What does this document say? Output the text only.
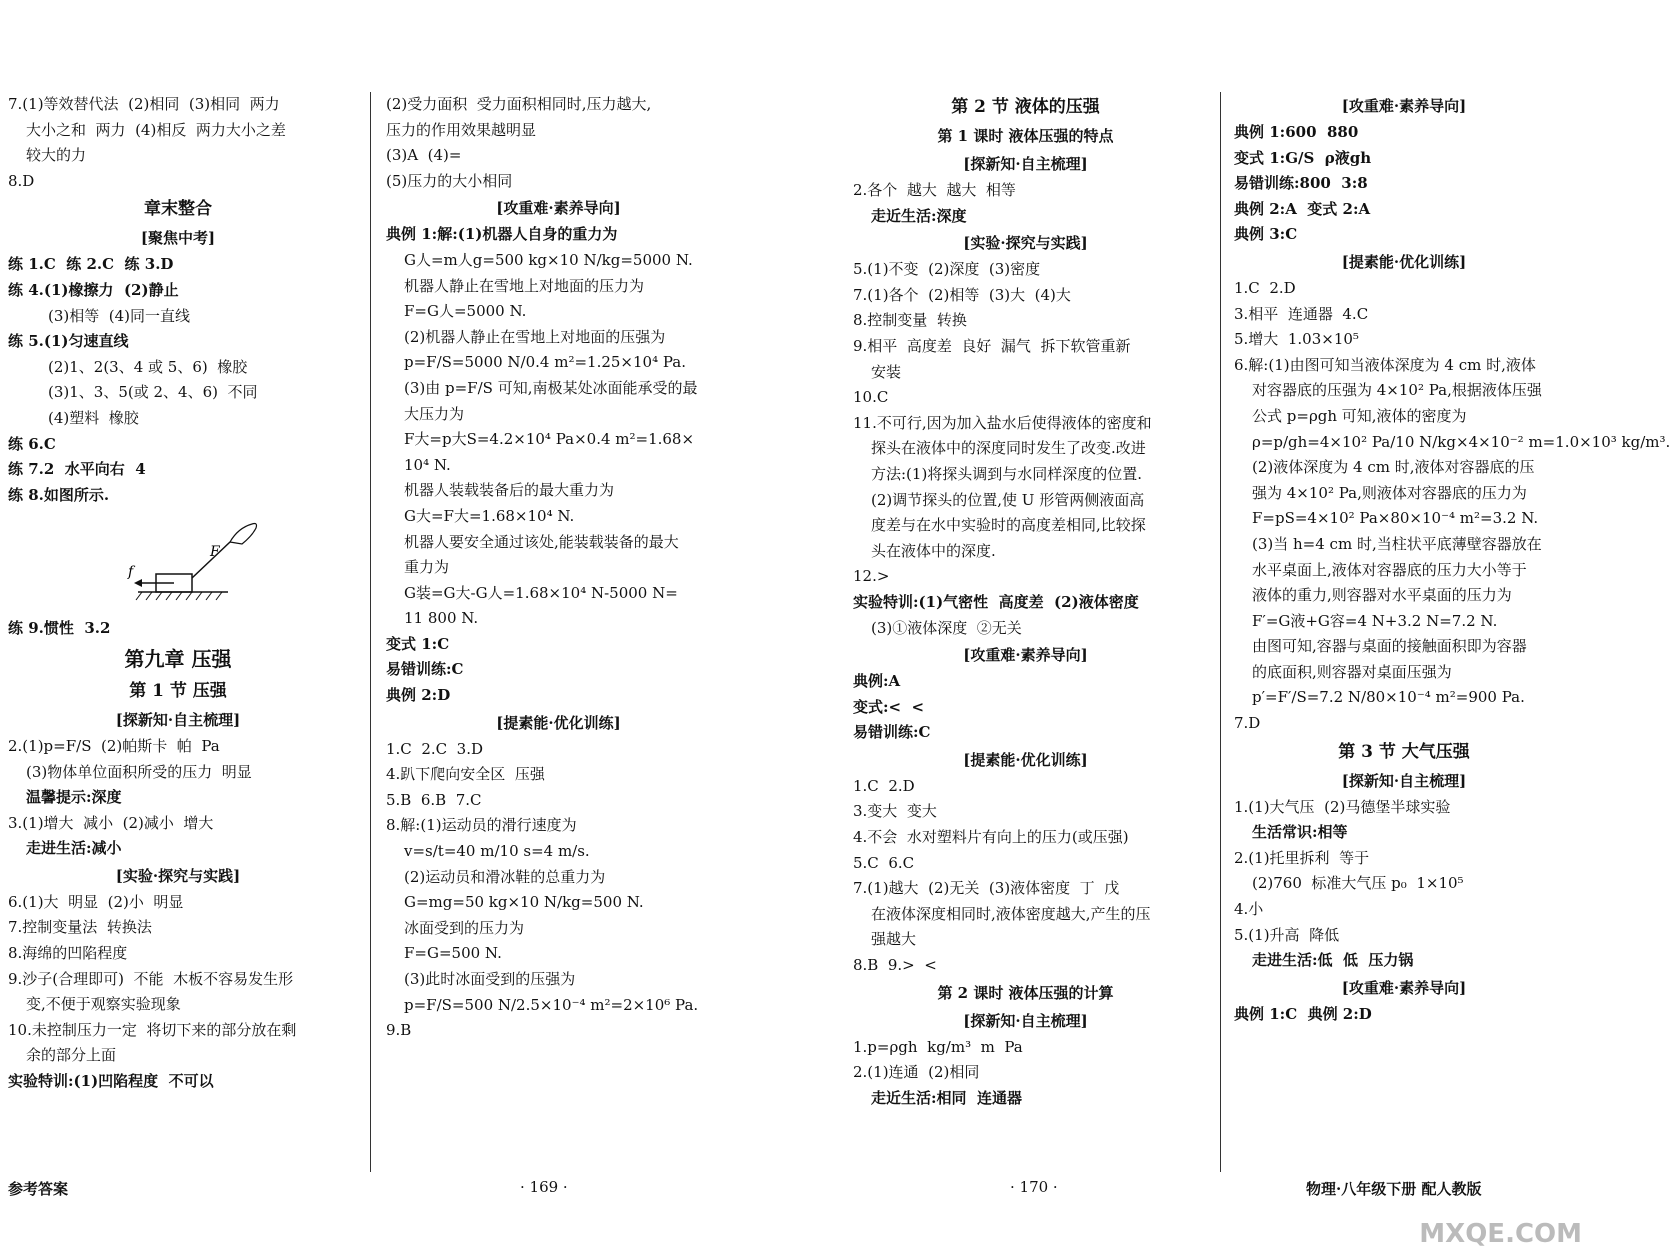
7.(1)等效替代法  (2)相同  (3)相同  两力
大小之和  两力  (4)相反  两力大小之差
较大的力
8.D
章末整合
[聚焦中考]
练 1.C  练 2.C  练 3.D
练 4.(1)橡擦力  (2)静止
(3)相等  (4)同一直线
练 5.(1)匀速直线
(2)1、2(3、4 或 5、6)  橡胶
(3)1、3、5(或 2、4、6)  不同
(4)塑料  橡胶
练 6.C
练 7.2  水平向右  4
练 8.如图所示.
f
F
练 9.惯性  3.2
第九章 压强
第 1 节 压强
[探新知·自主梳理]
2.(1)p=F/S  (2)帕斯卡  帕  Pa
(3)物体单位面积所受的压力  明显
温馨提示:深度
3.(1)增大  减小  (2)减小  增大
走进生活:减小
[实验·探究与实践]
6.(1)大  明显  (2)小  明显
7.控制变量法  转换法
8.海绵的凹陷程度
9.沙子(合理即可)  不能  木板不容易发生形
变,不便于观察实验现象
10.未控制压力一定  将切下来的部分放在剩
余的部分上面
实验特训:(1)凹陷程度  不可以
(2)受力面积  受力面积相同时,压力越大,
压力的作用效果越明显
(3)A  (4)=
(5)压力的大小相同
[攻重难·素养导向]
典例 1:解:(1)机器人自身的重力为
G人=m人g=500 kg×10 N/kg=5000 N.
机器人静止在雪地上对地面的压力为
F=G人=5000 N.
(2)机器人静止在雪地上对地面的压强为
p=F/S=5000 N/0.4 m²=1.25×10⁴ Pa.
(3)由 p=F/S 可知,南极某处冰面能承受的最
大压力为
F大=p大S=4.2×10⁴ Pa×0.4 m²=1.68×
10⁴ N.
机器人装载装备后的最大重力为
G大=F大=1.68×10⁴ N.
机器人要安全通过该处,能装载装备的最大
重力为
G装=G大-G人=1.68×10⁴ N-5000 N=
11 800 N.
变式 1:C
易错训练:C
典例 2:D
[提素能·优化训练]
1.C  2.C  3.D
4.趴下爬向安全区  压强
5.B  6.B  7.C
8.解:(1)运动员的滑行速度为
v=s/t=40 m/10 s=4 m/s.
(2)运动员和滑冰鞋的总重力为
G=mg=50 kg×10 N/kg=500 N.
冰面受到的压力为
F=G=500 N.
(3)此时冰面受到的压强为
p=F/S=500 N/2.5×10⁻⁴ m²=2×10⁶ Pa.
9.B
第 2 节 液体的压强
第 1 课时 液体压强的特点
[探新知·自主梳理]
2.各个  越大  越大  相等
走近生活:深度
[实验·探究与实践]
5.(1)不变  (2)深度  (3)密度
7.(1)各个  (2)相等  (3)大  (4)大
8.控制变量  转换
9.相平  高度差  良好  漏气  拆下软管重新
安装
10.C
11.不可行,因为加入盐水后使得液体的密度和
探头在液体中的深度同时发生了改变.改进
方法:(1)将探头调到与水同样深度的位置.
(2)调节探头的位置,使 U 形管两侧液面高
度差与在水中实验时的高度差相同,比较探
头在液体中的深度.
12.>
实验特训:(1)气密性  高度差  (2)液体密度
(3)①液体深度  ②无关
[攻重难·素养导向]
典例:A
变式:<  <
易错训练:C
[提素能·优化训练]
1.C  2.D
3.变大  变大
4.不会  水对塑料片有向上的压力(或压强)
5.C  6.C
7.(1)越大  (2)无关  (3)液体密度  丁  戊
在液体深度相同时,液体密度越大,产生的压
强越大
8.B  9.>  <
第 2 课时 液体压强的计算
[探新知·自主梳理]
1.p=ρgh  kg/m³  m  Pa
2.(1)连通  (2)相同
走近生活:相同  连通器
[攻重难·素养导向]
典例 1:600  880
变式 1:G/S  ρ液gh
易错训练:800  3:8
典例 2:A  变式 2:A
典例 3:C
[提素能·优化训练]
1.C  2.D
3.相平  连通器  4.C
5.增大  1.03×10⁵
6.解:(1)由图可知当液体深度为 4 cm 时,液体
对容器底的压强为 4×10² Pa,根据液体压强
公式 p=ρgh 可知,液体的密度为
ρ=p/gh=4×10² Pa/10 N/kg×4×10⁻² m=1.0×10³ kg/m³.
(2)液体深度为 4 cm 时,液体对容器底的压
强为 4×10² Pa,则液体对容器底的压力为
F=pS=4×10² Pa×80×10⁻⁴ m²=3.2 N.
(3)当 h=4 cm 时,当柱状平底薄壁容器放在
水平桌面上,液体对容器底的压力大小等于
液体的重力,则容器对水平桌面的压力为
F′=G液+G容=4 N+3.2 N=7.2 N.
由图可知,容器与桌面的接触面积即为容器
的底面积,则容器对桌面压强为
p′=F′/S=7.2 N/80×10⁻⁴ m²=900 Pa.
7.D
第 3 节 大气压强
[探新知·自主梳理]
1.(1)大气压  (2)马德堡半球实验
生活常识:相等
2.(1)托里拆利  等于
(2)760  标准大气压 p₀  1×10⁵
4.小
5.(1)升高  降低
走进生活:低  低  压力锅
[攻重难·素养导向]
典例 1:C  典例 2:D
参考答案	· 169 ·	· 170 ·	物理·八年级下册 配人教版
MXQE.COM
